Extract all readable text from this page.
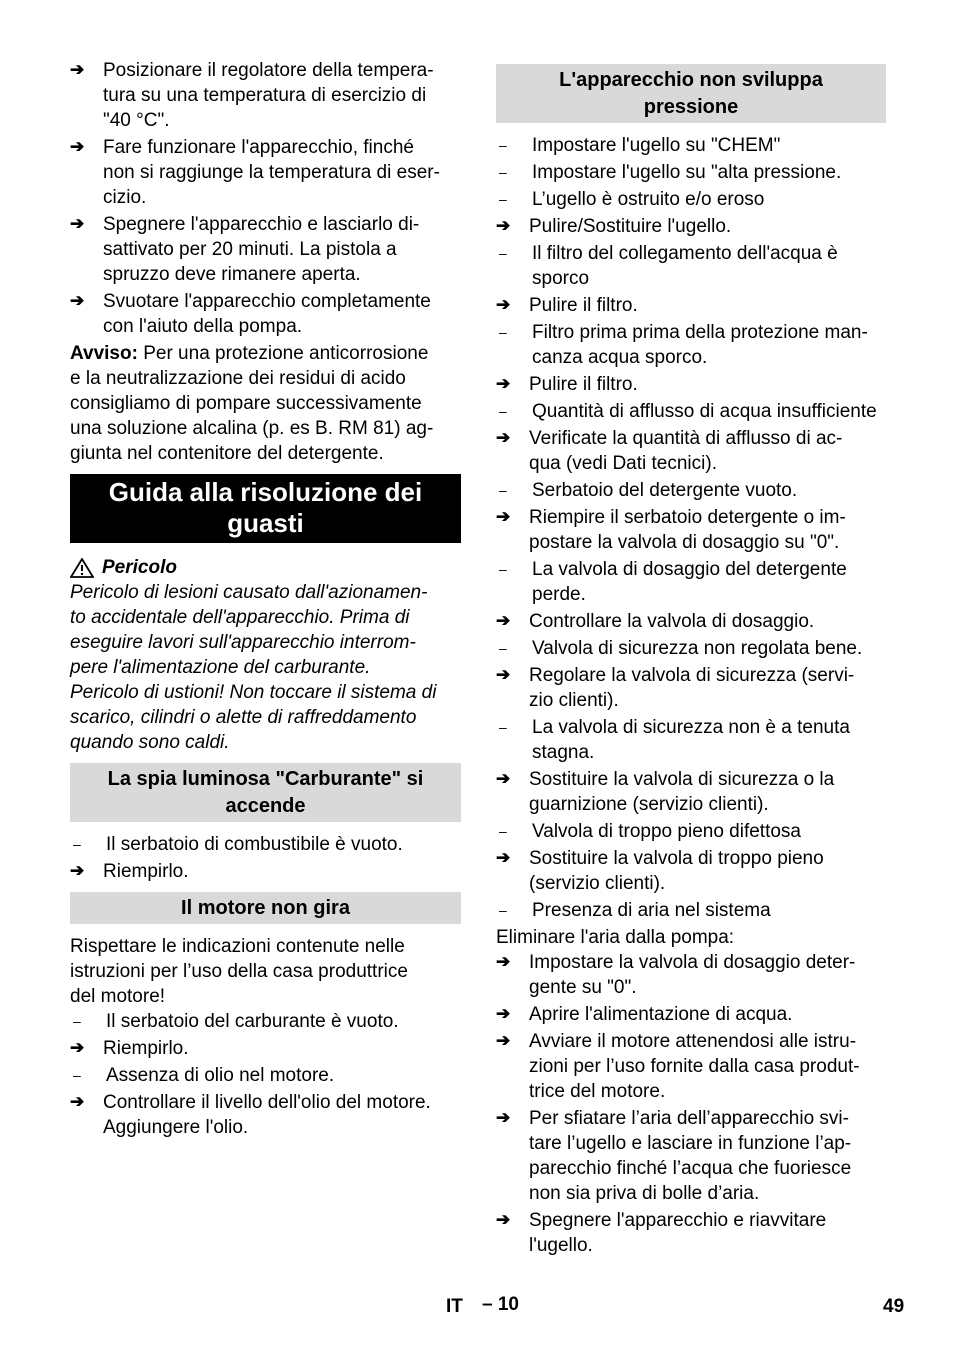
➔ Posizionare il regolatore della tempera-
tura su una temperatura di esercizio di
"40 °C".
➔ Fare funzionare l'apparecchio, finché
non si raggiunge la temperatura di eser-
cizio.
➔ Spegnere l'apparecchio e lasciarlo di-
sattivato per 20 minuti. La pistola a
spruzzo deve rimanere aperta.
➔ Svuotare l'apparecchio completamente
con l'aiuto della pompa.

Avviso: Per una protezione anticorrosione
e la neutralizzazione dei residui di acido
consigliamo di pompare successivamente
una soluzione alcalina (p. es B. RM 81) ag-
giunta nel contenitore del detergente.

Guida alla risoluzione dei
guasti
Pericolo

Pericolo di lesioni causato dall'azionamen-
to accidentale dell'apparecchio. Prima di
eseguire lavori sull'apparecchio interrom-
pere l'alimentazione del carburante.
Pericolo di ustioni! Non toccare il sistema di
scarico, cilindri o alette di raffreddamento
quando sono caldi.

La spia luminosa "Carburante" si
accende
–	Il serbatoio di combustibile è vuoto.
➔ Riempirlo.
Il motore non gira

Rispettare le indicazioni contenute nelle
istruzioni per l’uso della casa produttrice
del motore!

–	Il serbatoio del carburante è vuoto.
➔ Riempirlo.
–	Assenza di olio nel motore.
➔ Controllare il livello dell'olio del motore.
Aggiungere l'olio.
L'apparecchio non sviluppa
pressione
–	Impostare l'ugello su "CHEM"
–	Impostare l'ugello su "alta pressione.
–	L’ugello è ostruito e/o eroso
➔ Pulire/Sostituire l'ugello.
–	Il filtro del collegamento dell'acqua è
sporco
➔ Pulire il filtro.
–	Filtro prima prima della protezione man-
canza acqua sporco.
➔ Pulire il filtro.
–	Quantità di afflusso di acqua insufficiente
➔ Verificate la quantità di afflusso di ac-
qua (vedi Dati tecnici).
–	Serbatoio del detergente vuoto.
➔ Riempire il serbatoio detergente o im-
postare la valvola di dosaggio su "0".
–	La valvola di dosaggio del detergente
perde.
➔ Controllare la valvola di dosaggio.
–	Valvola di sicurezza non regolata bene.
➔ Regolare la valvola di sicurezza (servi-
zio clienti).
–	La valvola di sicurezza non è a tenuta
stagna.
➔ Sostituire la valvola di sicurezza o la
guarnizione (servizio clienti).
–	Valvola di troppo pieno difettosa
➔ Sostituire la valvola di troppo pieno
(servizio clienti).
–	Presenza di aria nel sistema

Eliminare l'aria dalla pompa:

➔ Impostare la valvola di dosaggio deter-
gente su "0".
➔ Aprire l'alimentazione di acqua.
➔ Avviare il motore attenendosi alle istru-
zioni per l’uso fornite dalla casa produt-
trice del motore.
➔ Per sfiatare l’aria dell’apparecchio svi-
tare l’ugello e lasciare in funzione l’ap-
parecchio finché l’acqua che fuoriesce
non sia priva di bolle d’aria.
➔ Spegnere l'apparecchio e riavvitare
l'ugello.
IT – 10	49
